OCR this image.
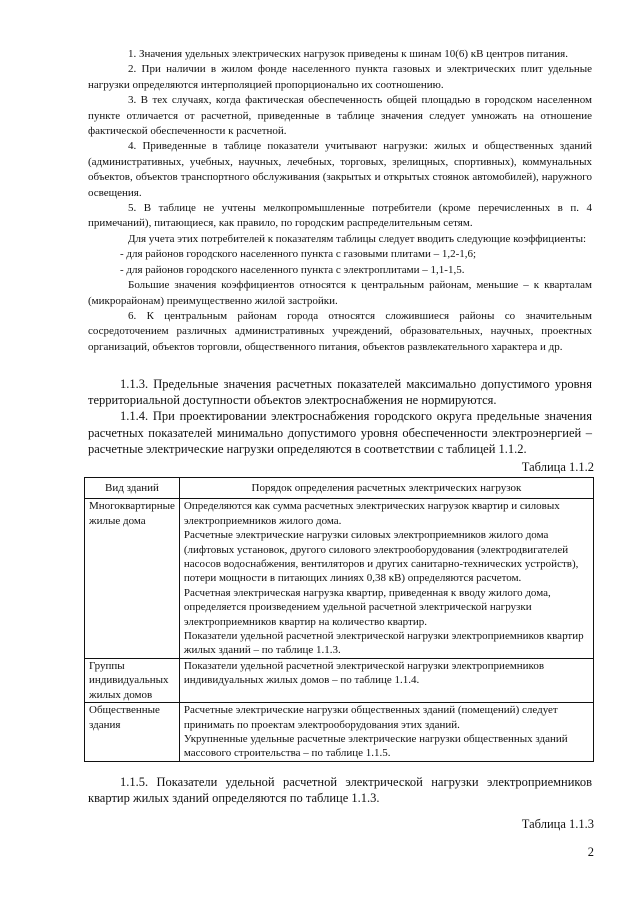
1. Значения удельных электрических нагрузок приведены к шинам 10(6) кВ центров питания.

2. При наличии в жилом фонде населенного пункта газовых и электрических плит удельные нагрузки определяются интерполяцией пропорционально их соотношению.

3. В тех случаях, когда фактическая обеспеченность общей площадью в городском населенном пункте отличается от расчетной, приведенные в таблице значения следует умножать на отношение фактической обеспеченности к расчетной.

4. Приведенные в таблице показатели учитывают нагрузки: жилых и общественных зданий (административных, учебных, научных, лечебных, торговых, зрелищных, спортивных), коммунальных объектов, объектов транспортного обслуживания (закрытых и открытых стоянок автомобилей), наружного освещения.

5. В таблице не учтены мелкопромышленные потребители (кроме перечисленных в п. 4 примечаний), питающиеся, как правило, по городским распределительным сетям.

Для учета этих потребителей к показателям таблицы следует вводить следующие коэффициенты:

- для районов городского населенного пункта с газовыми плитами – 1,2-1,6;

- для районов городского населенного пункта с электроплитами – 1,1-1,5.

Большие значения коэффициентов относятся к центральным районам, меньшие – к кварталам (микрорайонам) преимущественно жилой застройки.

6. К центральным районам города относятся сложившиеся районы со значительным сосредоточением различных административных учреждений, образовательных, научных, проектных организаций, объектов торговли, общественного питания, объектов развлекательного характера и др.

1.1.3. Предельные значения расчетных показателей максимально допустимого уровня территориальной доступности объектов электроснабжения не нормируются.

1.1.4. При проектировании электроснабжения городского округа предельные значения расчетных показателей минимально допустимого уровня обеспеченности электроэнергией – расчетные электрические нагрузки определяются в соответствии с таблицей 1.1.2.

Таблица 1.1.2
Вид зданий	Порядок определения расчетных электрических нагрузок
Многоквартирные жилые дома	Определяются как сумма расчетных электрических нагрузок квартир и силовых электроприемников жилого дома.

Расчетные электрические нагрузки силовых электроприемников жилого дома (лифтовых установок, другого силового электрооборудования (электродвигателей насосов водоснабжения, вентиляторов и других санитарно-технических устройств), потери мощности в питающих линиях 0,38 кВ) определяются расчетом.

Расчетная электрическая нагрузка квартир, приведенная к вводу жилого дома, определяется произведением удельной расчетной электрической нагрузки электроприемников квартир на количество квартир.

Показатели удельной расчетной электрической нагрузки электроприемников квартир жилых зданий – по таблице 1.1.3.

Группы индивидуальных жилых домов	Показатели удельной расчетной электрической нагрузки электроприемников индивидуальных жилых домов – по таблице 1.1.4.

Общественные здания	Расчетные электрические нагрузки общественных зданий (помещений) следует принимать по проектам электрооборудования этих зданий.

Укрупненные удельные расчетные электрические нагрузки общественных зданий массового строительства – по таблице 1.1.5.

1.1.5. Показатели удельной расчетной электрической нагрузки электроприемников квартир жилых зданий определяются по таблице 1.1.3.

Таблица 1.1.3
2
